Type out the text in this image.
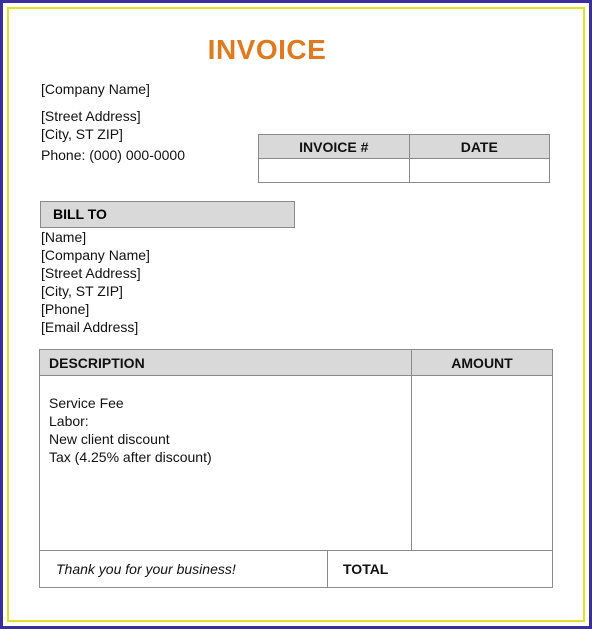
INVOICE
[Company Name]
[Street Address]
[City, ST ZIP]
Phone: (000) 000-0000
INVOICE #	DATE

BILL TO
[Name]
[Company Name]
[Street Address]
[City, ST ZIP]
[Phone]
[Email Address]
DESCRIPTION	AMOUNT
Service Fee
Labor:
New client discount
Tax (4.25% after discount)
Thank you for your business!	TOTAL
